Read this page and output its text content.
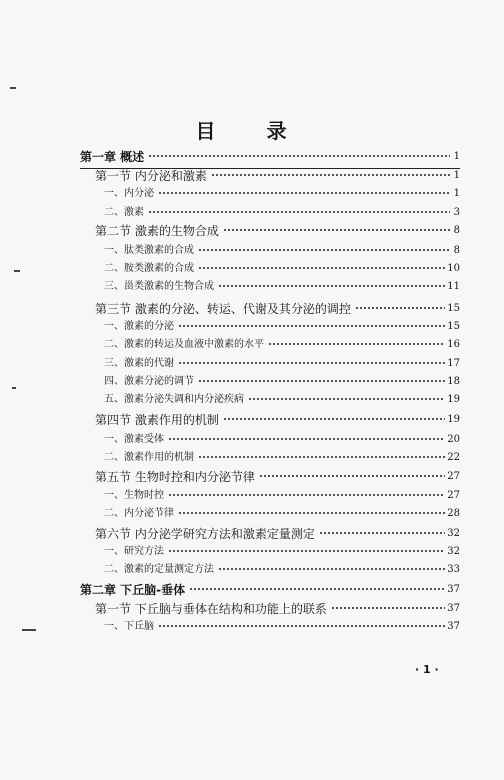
目 录
第一章 概述	1
第一节 内分泌和激素	1
一、内分泌	1
二、激素	3
第二节 激素的生物合成	8
一、肽类激素的合成	8
二、胺类激素的合成	10
三、甾类激素的生物合成	11
第三节 激素的分泌、转运、代谢及其分泌的调控	15
一、激素的分泌	15
二、激素的转运及血液中激素的水平	16
三、激素的代谢	17
四、激素分泌的调节	18
五、激素分泌失调和内分泌疾病	19
第四节 激素作用的机制	19
一、激素受体	20
二、激素作用的机制	22
第五节 生物时控和内分泌节律	27
一、生物时控	27
二、内分泌节律	28
第六节 内分泌学研究方法和激素定量测定	32
一、研究方法	32
二、激素的定量测定方法	33
第二章 下丘脑-垂体	37
第一节 下丘脑与垂体在结构和功能上的联系	37
一、下丘脑	37
· 1 ·
